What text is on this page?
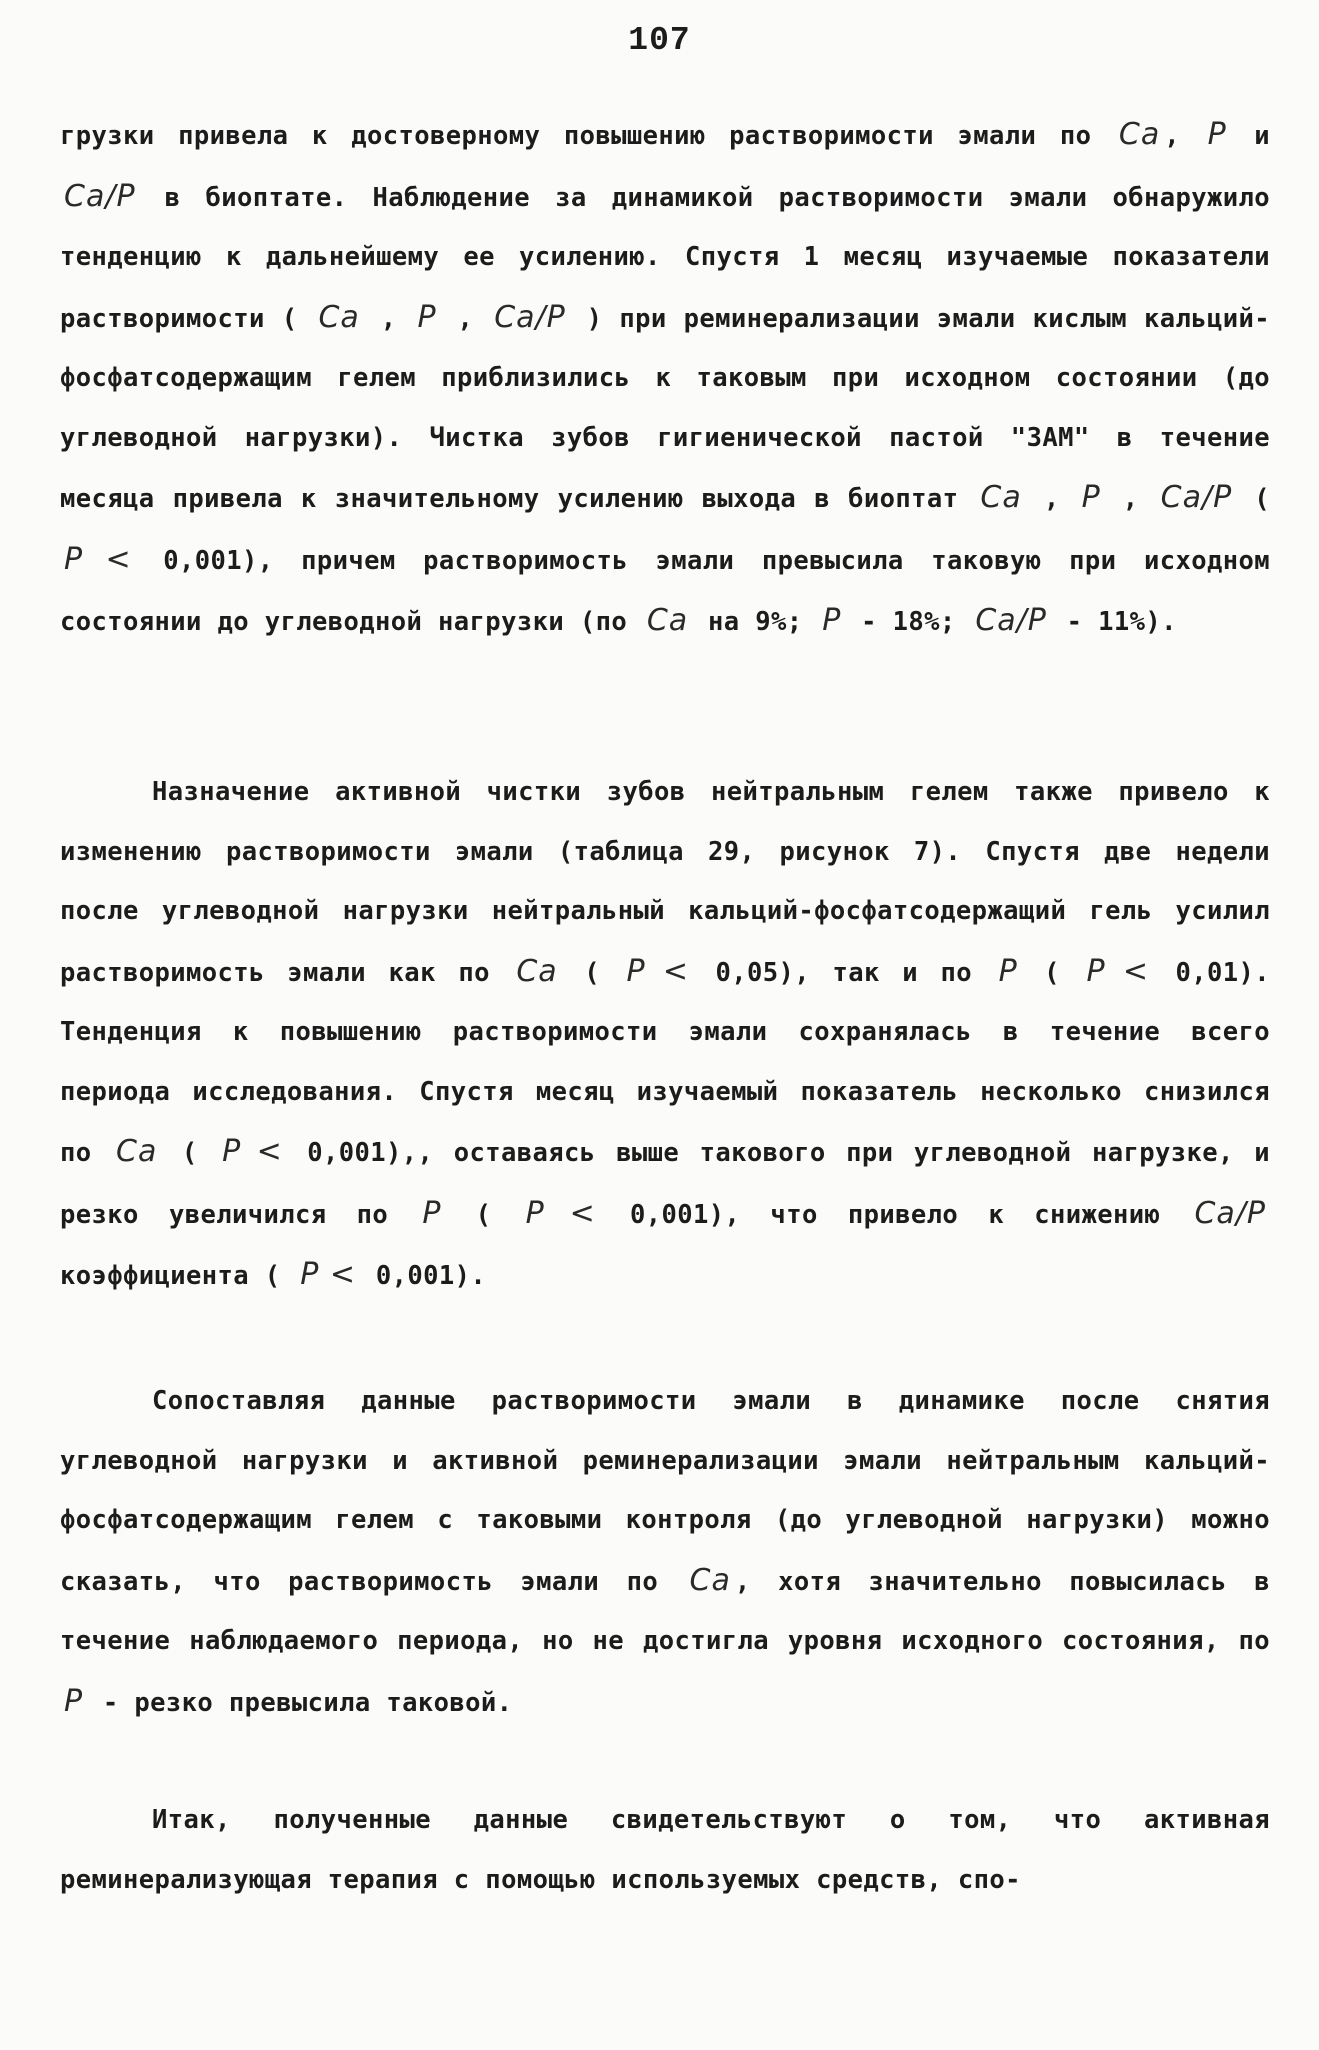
107

грузки привела к достоверному повышению растворимости эмали по Ca , P и Ca/P в биоптате. Наблюдение за динамикой растворимости эмали обнаружило тенденцию к дальнейшему ее усилению. Спустя 1 месяц изучаемые показатели растворимости ( Ca , P , Ca/P ) при реминерализации эмали кислым кальций-фосфатсодержащим гелем приблизились к таковым при исходном состоянии (до углеводной нагрузки). Чистка зубов гигиенической пастой "ЗАМ" в течение месяца привела к значительному усилению выхода в биоптат Ca , P , Ca/P ( P < 0,001), причем растворимость эмали превысила таковую при исходном состоянии до углеводной нагрузки (по Ca на 9%; P - 18%; Ca/P - 11%).

Назначение активной чистки зубов нейтральным гелем также привело к изменению растворимости эмали (таблица 29, рисунок 7). Спустя две недели после углеводной нагрузки нейтральный кальций-фосфатсодержащий гель усилил растворимость эмали как по Ca ( P < 0,05), так и по P ( P < 0,01). Тенденция к повышению растворимости эмали сохранялась в течение всего периода исследования. Спустя месяц изучаемый показатель несколько снизился по Ca ( P < 0,001),, оставаясь выше такового при углеводной нагрузке, и резко увеличился по P ( P < 0,001), что привело к снижению Ca/P коэффициента ( P < 0,001).

Сопоставляя данные растворимости эмали в динамике после снятия углеводной нагрузки и активной реминерализации эмали нейтральным кальций-фосфатсодержащим гелем с таковыми контроля (до углеводной нагрузки) можно сказать, что растворимость эмали по Ca , хотя значительно повысилась в течение наблюдаемого периода, но не достигла уровня исходного состояния, по P - резко превысила таковой.

Итак, полученные данные свидетельствуют о том, что активная реминерализующая терапия с помощью используемых средств, спо-
